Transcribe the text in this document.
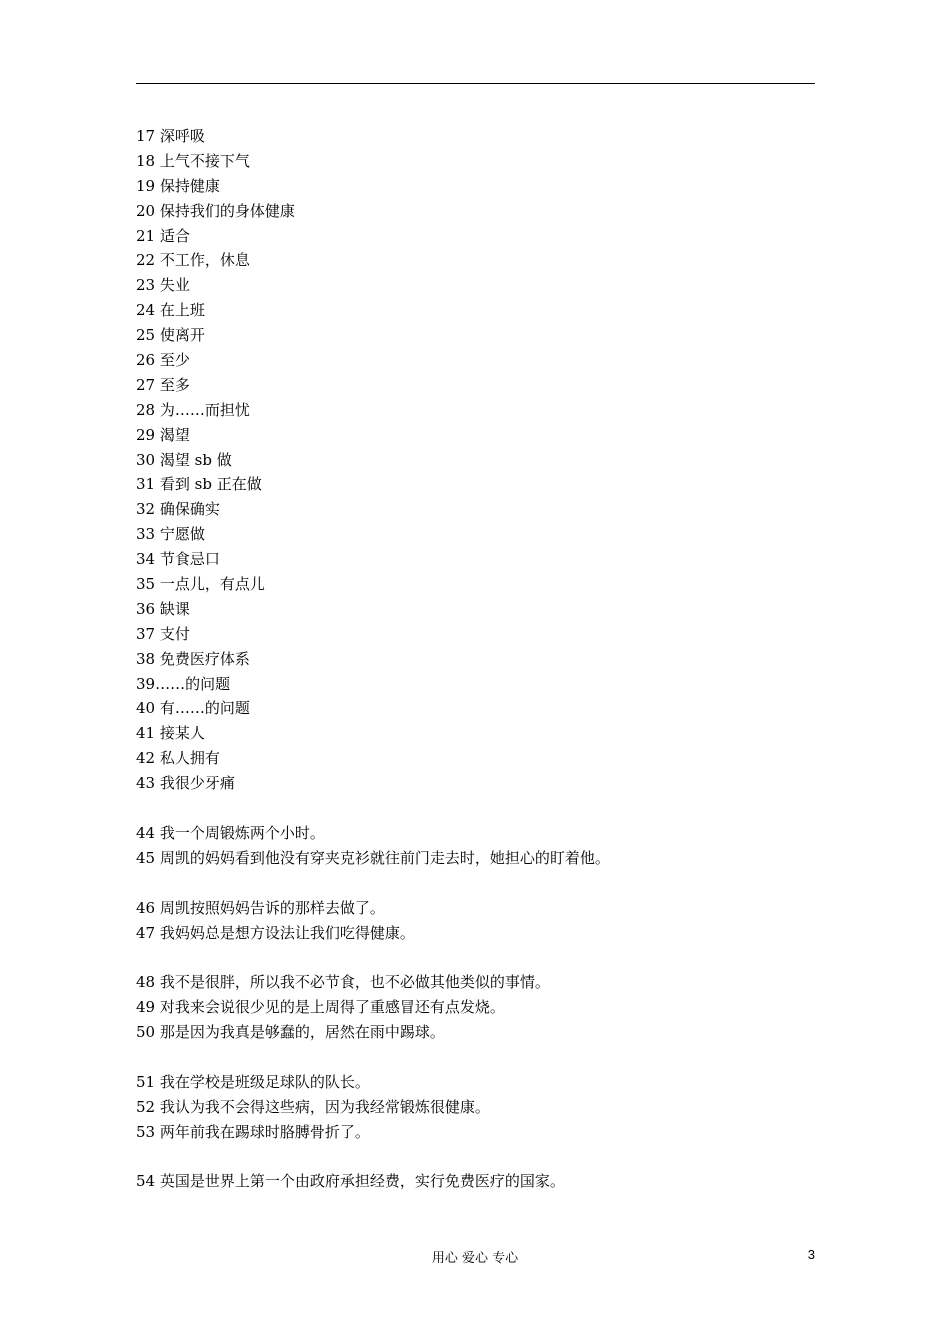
17 深呼吸
18 上气不接下气
19 保持健康
20 保持我们的身体健康
21 适合
22 不工作，休息
23 失业
24 在上班
25 使离开
26 至少
27 至多
28 为……而担忧
29 渴望
30 渴望 sb 做
31 看到 sb 正在做
32 确保确实
33 宁愿做
34 节食忌口
35 一点儿，有点儿
36 缺课
37 支付
38 免费医疗体系
39……的问题
40 有……的问题
41 接某人
42 私人拥有
43 我很少牙痛
44 我一个周锻炼两个小时。
45 周凯的妈妈看到他没有穿夹克衫就往前门走去时，她担心的盯着他。
46 周凯按照妈妈告诉的那样去做了。
47 我妈妈总是想方设法让我们吃得健康。
48 我不是很胖，所以我不必节食，也不必做其他类似的事情。
49 对我来会说很少见的是上周得了重感冒还有点发烧。
50 那是因为我真是够蠢的，居然在雨中踢球。
51 我在学校是班级足球队的队长。
52 我认为我不会得这些病，因为我经常锻炼很健康。
53 两年前我在踢球时胳膊骨折了。
54 英国是世界上第一个由政府承担经费，实行免费医疗的国家。
用心 爱心 专心	3
